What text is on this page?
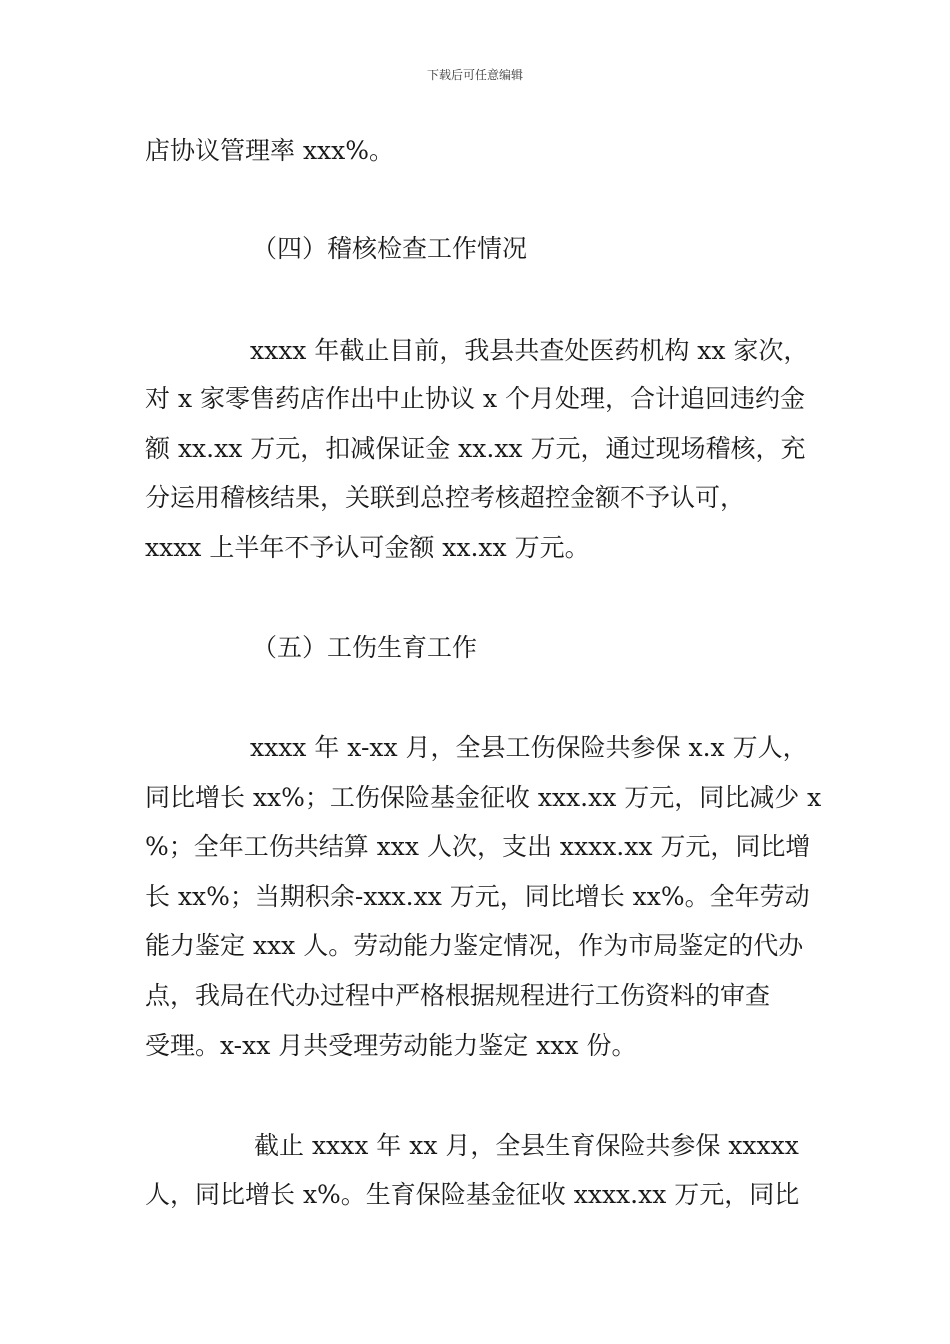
下载后可任意编辑
店协议管理率 xxx%。
（四）稽核检查工作情况
xxxx 年截止目前，我县共查处医药机构 xx 家次，
对 x 家零售药店作出中止协议 x 个月处理，合计追回违约金
额 xx.xx 万元，扣减保证金 xx.xx 万元，通过现场稽核，充
分运用稽核结果，关联到总控考核超控金额不予认可，
xxxx 上半年不予认可金额 xx.xx 万元。
（五）工伤生育工作
xxxx 年 x-xx 月，全县工伤保险共参保 x.x 万人，
同比增长 xx%；工伤保险基金征收 xxx.xx 万元，同比减少 x
%；全年工伤共结算 xxx 人次，支出 xxxx.xx 万元，同比增
长 xx%；当期积余-xxx.xx 万元，同比增长 xx%。全年劳动
能力鉴定 xxx 人。劳动能力鉴定情况，作为市局鉴定的代办
点，我局在代办过程中严格根据规程进行工伤资料的审查
受理。x-xx 月共受理劳动能力鉴定 xxx 份。
截止 xxxx 年 xx 月，全县生育保险共参保 xxxxx
人，同比增长 x%。生育保险基金征收 xxxx.xx 万元，同比
